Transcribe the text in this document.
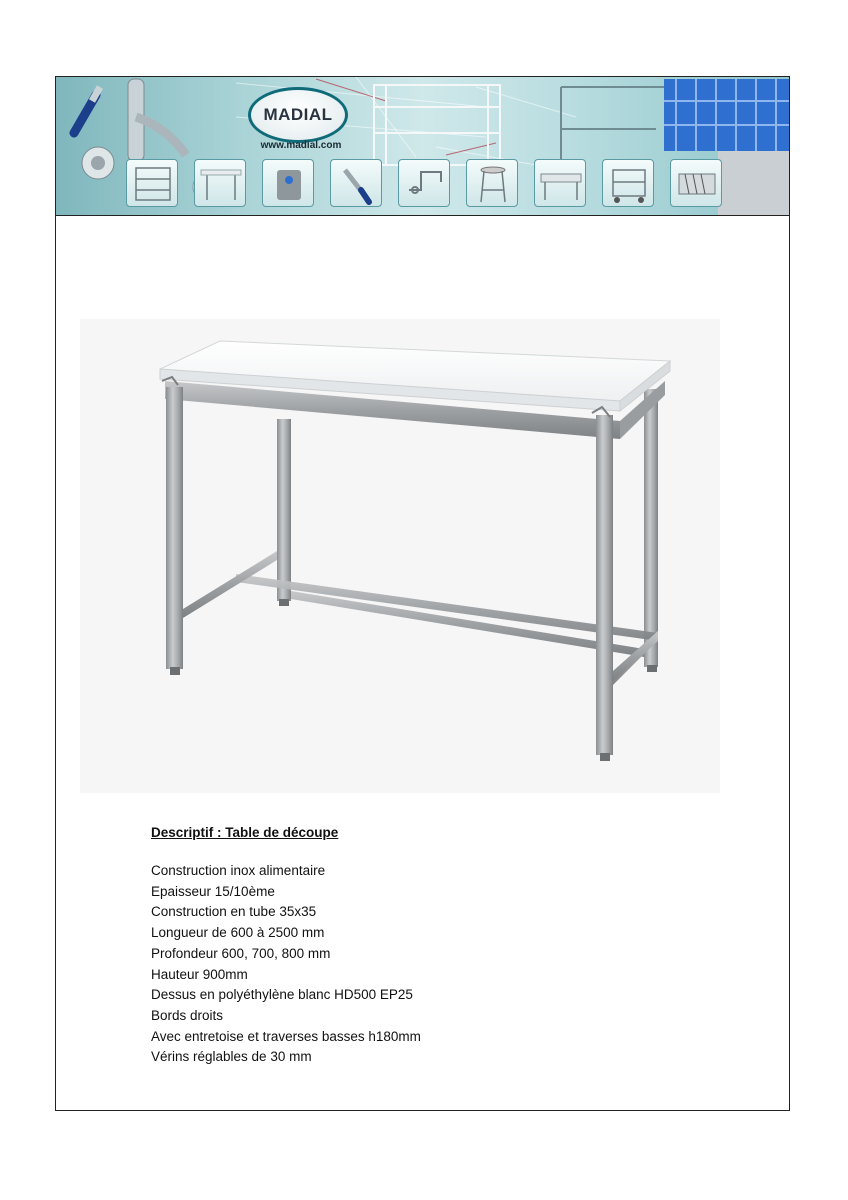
MADIAL
www.madial.com

Descriptif : Table de découpe

Construction inox alimentaire
Epaisseur 15/10ème
Construction en tube 35x35
Longueur de 600 à 2500 mm
Profondeur 600, 700, 800 mm
Hauteur 900mm
Dessus en polyéthylène blanc HD500 EP25
Bords droits
Avec entretoise et traverses basses h180mm
Vérins réglables de 30 mm
